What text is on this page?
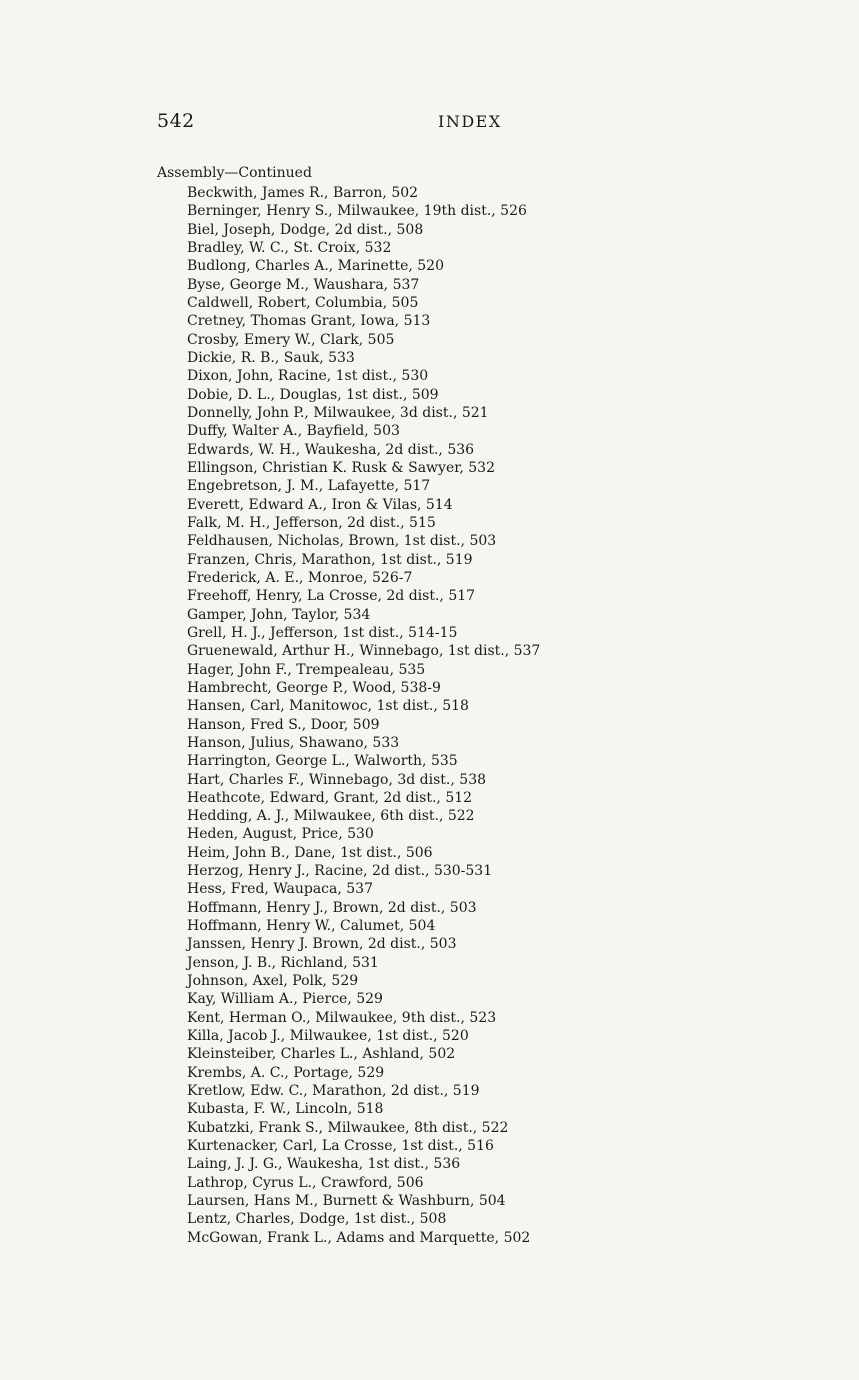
542	INDEX
Assembly—Continued
Beckwith, James R., Barron, 502
Berninger, Henry S., Milwaukee, 19th dist., 526
Biel, Joseph, Dodge, 2d dist., 508
Bradley, W. C., St. Croix, 532
Budlong, Charles A., Marinette, 520
Byse, George M., Waushara, 537
Caldwell, Robert, Columbia, 505
Cretney, Thomas Grant, Iowa, 513
Crosby, Emery W., Clark, 505
Dickie, R. B., Sauk, 533
Dixon, John, Racine, 1st dist., 530
Dobie, D. L., Douglas, 1st dist., 509
Donnelly, John P., Milwaukee, 3d dist., 521
Duffy, Walter A., Bayfield, 503
Edwards, W. H., Waukesha, 2d dist., 536
Ellingson, Christian K. Rusk & Sawyer, 532
Engebretson, J. M., Lafayette, 517
Everett, Edward A., Iron & Vilas, 514
Falk, M. H., Jefferson, 2d dist., 515
Feldhausen, Nicholas, Brown, 1st dist., 503
Franzen, Chris, Marathon, 1st dist., 519
Frederick, A. E., Monroe, 526-7
Freehoff, Henry, La Crosse, 2d dist., 517
Gamper, John, Taylor, 534
Grell, H. J., Jefferson, 1st dist., 514-15
Gruenewald, Arthur H., Winnebago, 1st dist., 537
Hager, John F., Trempealeau, 535
Hambrecht, George P., Wood, 538-9
Hansen, Carl, Manitowoc, 1st dist., 518
Hanson, Fred S., Door, 509
Hanson, Julius, Shawano, 533
Harrington, George L., Walworth, 535
Hart, Charles F., Winnebago, 3d dist., 538
Heathcote, Edward, Grant, 2d dist., 512
Hedding, A. J., Milwaukee, 6th dist., 522
Heden, August, Price, 530
Heim, John B., Dane, 1st dist., 506
Herzog, Henry J., Racine, 2d dist., 530-531
Hess, Fred, Waupaca, 537
Hoffmann, Henry J., Brown, 2d dist., 503
Hoffmann, Henry W., Calumet, 504
Janssen, Henry J. Brown, 2d dist., 503
Jenson, J. B., Richland, 531
Johnson, Axel, Polk, 529
Kay, William A., Pierce, 529
Kent, Herman O., Milwaukee, 9th dist., 523
Killa, Jacob J., Milwaukee, 1st dist., 520
Kleinsteiber, Charles L., Ashland, 502
Krembs, A. C., Portage, 529
Kretlow, Edw. C., Marathon, 2d dist., 519
Kubasta, F. W., Lincoln, 518
Kubatzki, Frank S., Milwaukee, 8th dist., 522
Kurtenacker, Carl, La Crosse, 1st dist., 516
Laing, J. J. G., Waukesha, 1st dist., 536
Lathrop, Cyrus L., Crawford, 506
Laursen, Hans M., Burnett & Washburn, 504
Lentz, Charles, Dodge, 1st dist., 508
McGowan, Frank L., Adams and Marquette, 502
